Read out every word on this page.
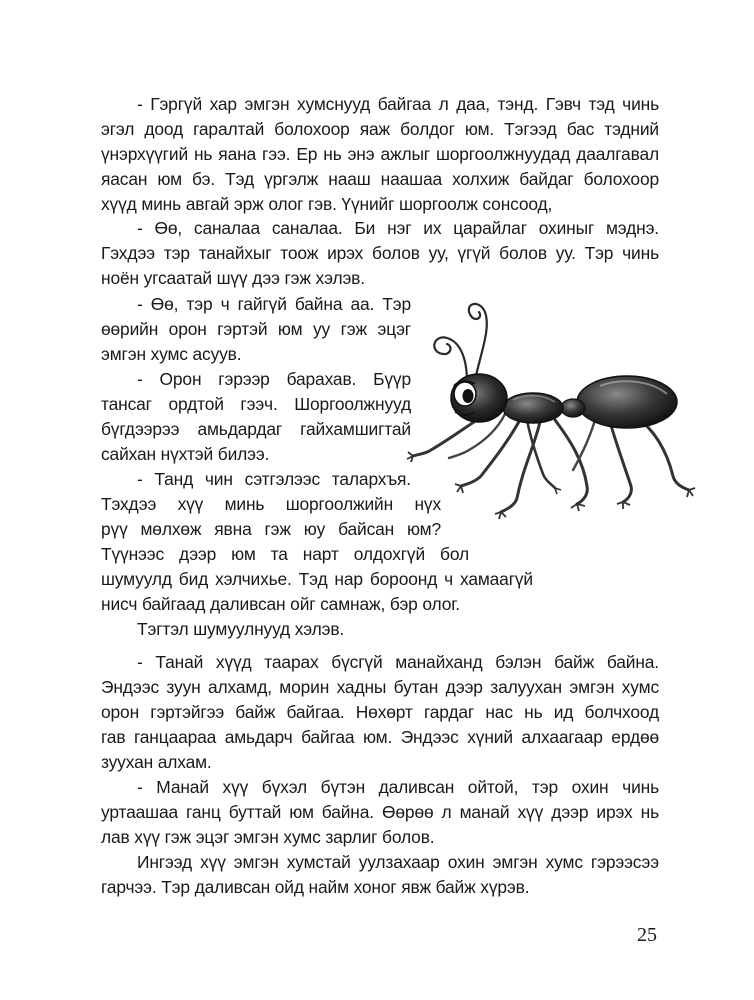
- Гэргүй хар эмгэн хумснууд байгаа л даа, тэнд. Гэвч тэд чинь
эгэл доод гаралтай болохоор яаж болдог юм. Тэгээд бас тэдний
үнэрхүүгий нь яана гээ. Ер нь энэ ажлыг шоргоолжнуудад даалгавал
яасан юм бэ. Тэд үргэлж нааш наашаа холхиж байдаг болохоор
хүүд минь авгай эрж олог гэв. Үүнийг шоргоолж сонсоод,
- Өө, саналаа саналаа. Би нэг их царайлаг охиныг мэднэ.
Гэхдээ тэр танайхыг тоож ирэх болов уу, үгүй болов уу. Тэр чинь
ноён угсаатай шүү дээ гэж хэлэв.
- Өө, тэр ч гайгүй байна аа. Тэр
өөрийн орон гэртэй юм уу гэж эцэг
эмгэн хумс асуув.
- Орон гэрээр барахав. Бүүр
тансаг ордтой гээч. Шоргоолжнууд
бүгдээрээ амьдардаг гайхамшигтай
сайхан нүхтэй билээ.
- Танд чин сэтгэлээс талархъя.
Тэхдээ хүү минь шоргоолжийн нүх
рүү мөлхөж явна гэж юу байсан юм?
Түүнээс дээр юм та нарт олдохгүй бол
шумуулд бид хэлчихье. Тэд нар бороонд ч хамаагүй
нисч байгаад даливсан ойг самнаж, бэр олог.
Тэгтэл шумуулнууд хэлэв.
- Танай хүүд таарах бүсгүй манайханд бэлэн байж байна.
Эндээс зуун алхамд, морин хадны бутан дээр залуухан эмгэн хумс
орон гэртэйгээ байж байгаа. Нөхөрт гардаг нас нь ид болчхоод
гав ганцаараа амьдарч байгаа юм. Эндээс хүний алхаагаар ердөө
зуухан алхам.
- Манай хүү бүхэл бүтэн даливсан ойтой, тэр охин чинь
уртаашаа ганц буттай юм байна. Өөрөө л манай хүү дээр ирэх нь
лав хүү гэж эцэг эмгэн хумс зарлиг болов.
Ингээд хүү эмгэн хумстай уулзахаар охин эмгэн хумс гэрээсээ
гарчээ. Тэр даливсан ойд найм хоног явж байж хүрэв.
25
